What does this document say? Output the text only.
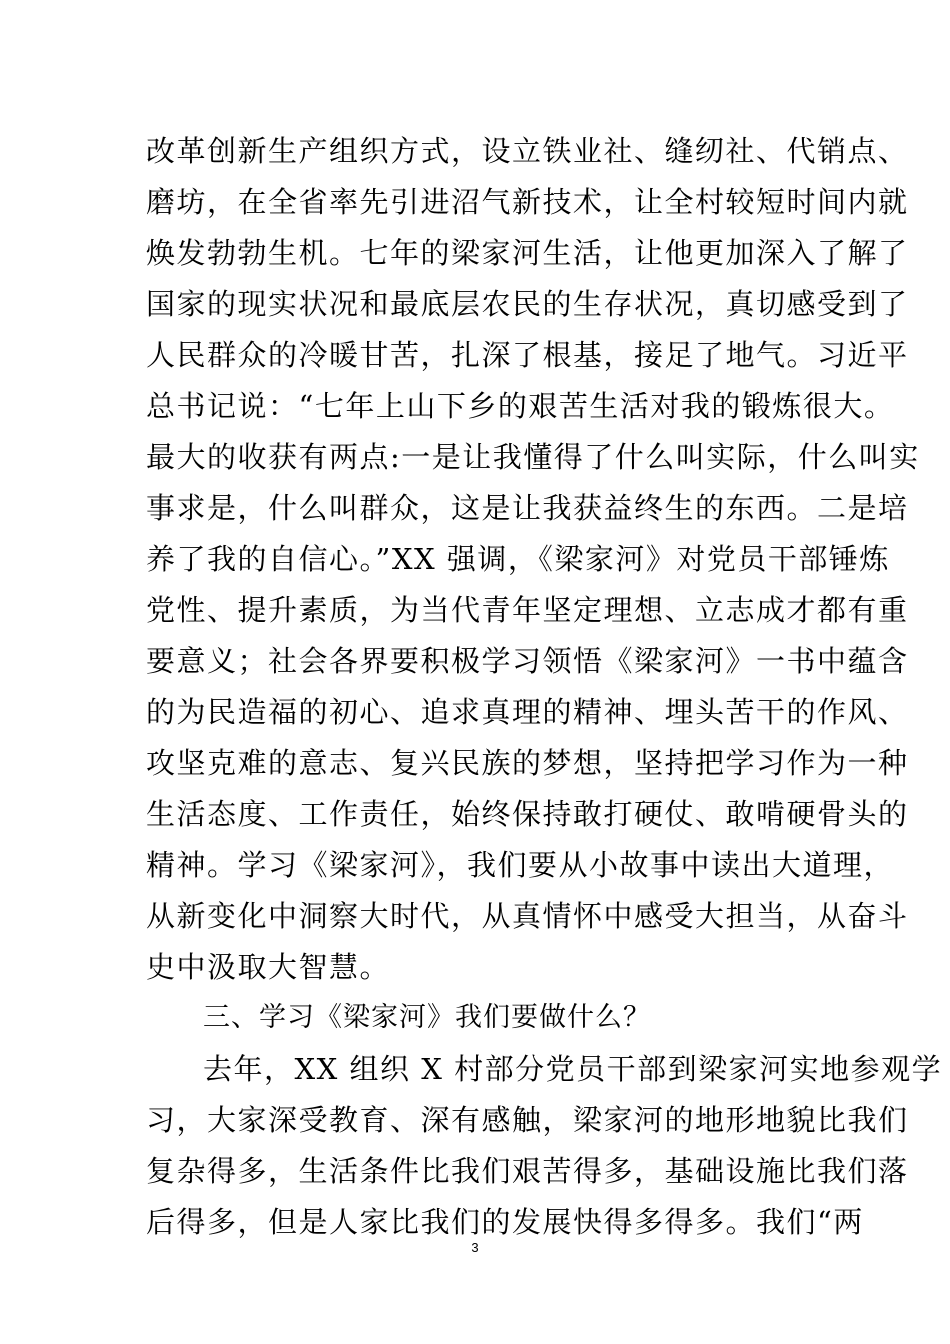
改革创新生产组织方式，设立铁业社、缝纫社、代销点、
磨坊，在全省率先引进沼气新技术，让全村较短时间内就
焕发勃勃生机。七年的梁家河生活，让他更加深入了解了
国家的现实状况和最底层农民的生存状况，真切感受到了
人民群众的冷暖甘苦，扎深了根基，接足了地气。习近平
总书记说：“七年上山下乡的艰苦生活对我的锻炼很大。
最大的收获有两点:一是让我懂得了什么叫实际，什么叫实
事求是，什么叫群众，这是让我获益终生的东西。二是培
养了我的自信心。”XX 强调，《梁家河》对党员干部锤炼
党性、提升素质，为当代青年坚定理想、立志成才都有重
要意义；社会各界要积极学习领悟《梁家河》一书中蕴含
的为民造福的初心、追求真理的精神、埋头苦干的作风、
攻坚克难的意志、复兴民族的梦想，坚持把学习作为一种
生活态度、工作责任，始终保持敢打硬仗、敢啃硬骨头的
精神。学习《梁家河》，我们要从小故事中读出大道理，
从新变化中洞察大时代，从真情怀中感受大担当，从奋斗
史中汲取大智慧。
三、学习《梁家河》我们要做什么？
去年，XX 组织 X 村部分党员干部到梁家河实地参观学
习，大家深受教育、深有感触，梁家河的地形地貌比我们
复杂得多，生活条件比我们艰苦得多，基础设施比我们落
后得多，但是人家比我们的发展快得多得多。我们“两
3
